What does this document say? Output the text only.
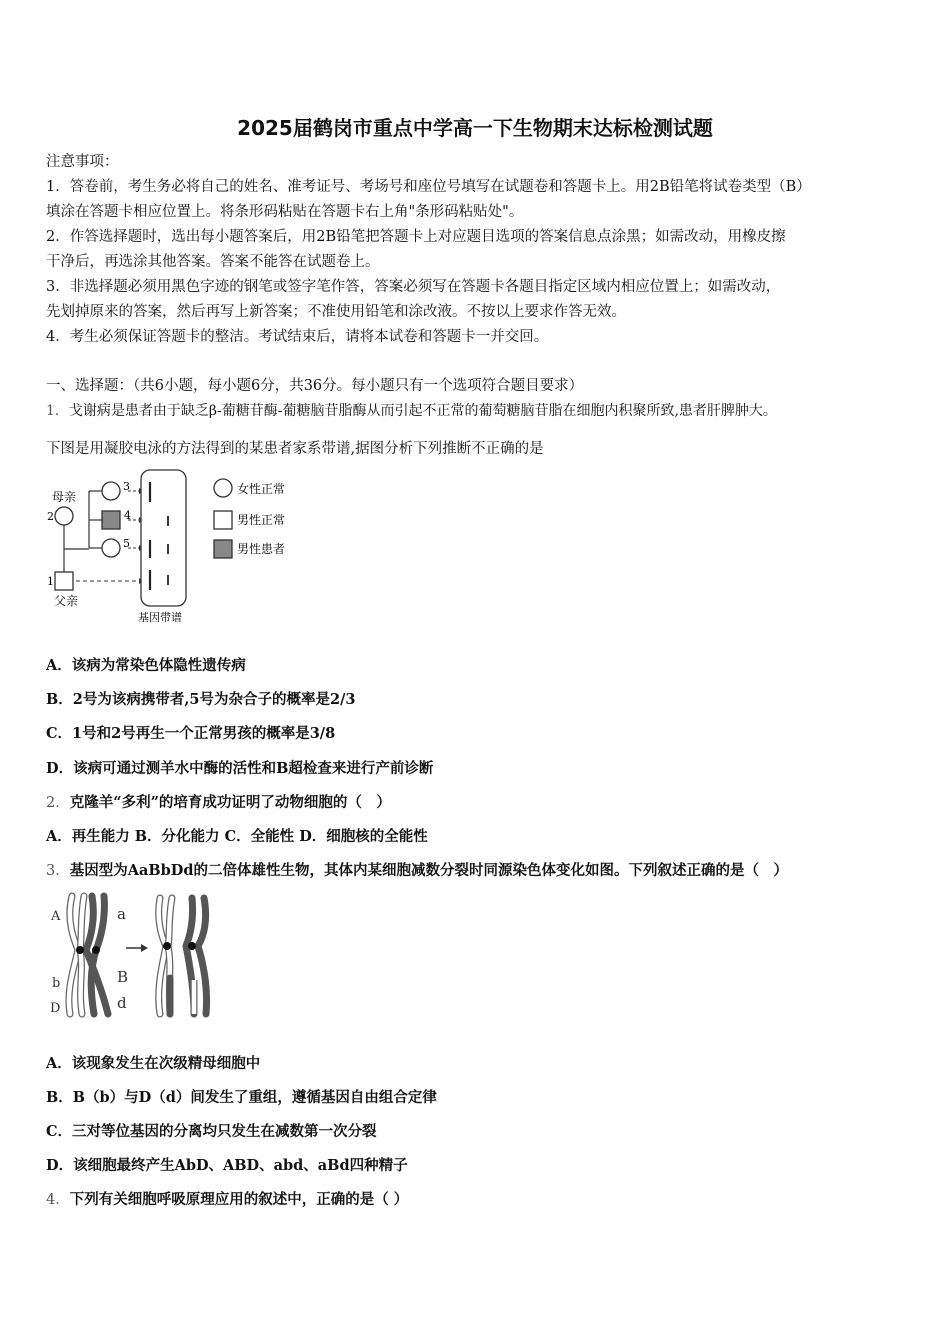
2025届鹤岗市重点中学高一下生物期末达标检测试题
注意事项：
1．答卷前，考生务必将自己的姓名、准考证号、考场号和座位号填写在试题卷和答题卡上。用2B铅笔将试卷类型（B）
填涂在答题卡相应位置上。将条形码粘贴在答题卡右上角"条形码粘贴处"。
2．作答选择题时，选出每小题答案后，用2B铅笔把答题卡上对应题目选项的答案信息点涂黑；如需改动，用橡皮擦
干净后，再选涂其他答案。答案不能答在试题卷上。
3．非选择题必须用黑色字迹的钢笔或签字笔作答，答案必须写在答题卡各题目指定区域内相应位置上；如需改动，
先划掉原来的答案，然后再写上新答案；不准使用铅笔和涂改液。不按以上要求作答无效。
4．考生必须保证答题卡的整洁。考试结束后，请将本试卷和答题卡一并交回。
一、选择题：（共6小题，每小题6分，共36分。每小题只有一个选项符合题目要求）
1．戈谢病是患者由于缺乏β-葡糖苷酶-葡糖脑苷脂酶从而引起不正常的葡萄糖脑苷脂在细胞内积聚所致,患者肝脾肿大。
下图是用凝胶电泳的方法得到的某患者家系带谱,据图分析下列推断不正确的是
母亲
2
1
父亲
3
4
5
基因带谱
女性正常
男性正常
男性患者
A．该病为常染色体隐性遗传病
B．2号为该病携带者,5号为杂合子的概率是2/3
C．1号和2号再生一个正常男孩的概率是3/8
D．该病可通过测羊水中酶的活性和B超检查来进行产前诊断
2．克隆羊“多利”的培育成功证明了动物细胞的（　）
A．再生能力 B．分化能力 C．全能性 D．细胞核的全能性
3．基因型为AaBbDd的二倍体雄性生物，其体内某细胞减数分裂时同源染色体变化如图。下列叙述正确的是（　）
A
b
D
a
B
d
A．该现象发生在次级精母细胞中
B．B（b）与D（d）间发生了重组，遵循基因自由组合定律
C．三对等位基因的分离均只发生在减数第一次分裂
D．该细胞最终产生AbD、ABD、abd、aBd四种精子
4．下列有关细胞呼吸原理应用的叙述中，正确的是（ ）
